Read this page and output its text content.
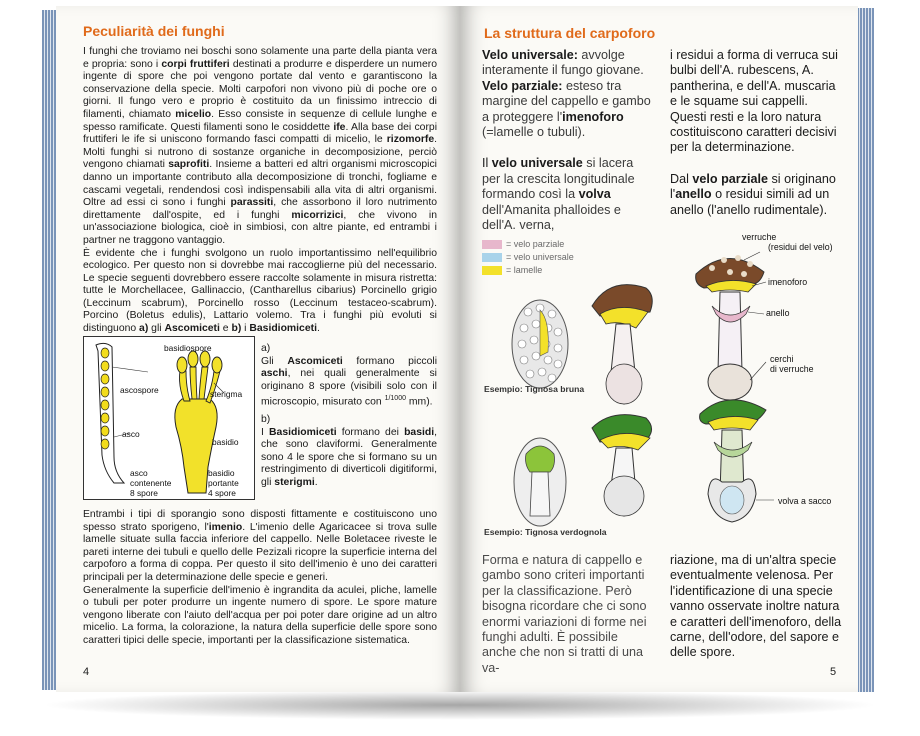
Peculiarità dei funghi

I funghi che troviamo nei boschi sono solamente una parte della pianta vera e propria: sono i corpi fruttiferi destinati a produrre e disperdere un numero ingente di spore che poi vengono portate dal vento e garantiscono la conservazione della specie. Molti carpofori non vivono più di poche ore o giorni. Il fungo vero e proprio è costituito da un finissimo intreccio di filamenti, chiamato micelio. Esso consiste in sequenze di cellule lunghe e spesso ramificate. Questi filamenti sono le cosiddette ife. Alla base dei corpi fruttiferi le ife si uniscono formando fasci compatti di micelio, le rizomorfe. Molti funghi si nutrono di sostanze organiche in decomposizione, perciò vengono chiamati saprofiti. Insieme a batteri ed altri organismi microscopici danno un importante contributo alla decomposizione di tronchi, fogliame e cascami vegetali, rendendosi così indispensabili alla vita di altri organismi. Oltre ad essi ci sono i funghi parassiti, che assorbono il loro nutrimento direttamente dall'ospite, ed i funghi micorrizici, che vivono in un'associazione biologica, cioè in simbiosi, con altre piante, ed entrambi i partner ne traggono vantaggio.
È evidente che i funghi svolgono un ruolo importantissimo nell'equilibrio ecologico. Per questo non si dovrebbe mai raccoglierne più del necessario. Le specie seguenti dovrebbero essere raccolte solamente in misura ristretta: tutte le Morchellacee, Gallinaccio, (Cantharellus cibarius) Porcinello grigio (Leccinum scabrum), Porcinello rosso (Leccinum testaceo-scabrum). Porcino (Boletus edulis), Lattario volemo. Tra i funghi più evoluti si distinguono a) gli Ascomiceti e b) i Basidiomiceti.

basidiospore
ascospore	sterigma
asco
basidio
asco
contenente
8 spore
basidio
portante
4 spore

a)
Gli Ascomiceti formano piccoli aschi, nei quali generalmente si originano 8 spore (visibili solo con il microscopio, misurato con $^{1/1000}$ mm).

b)
I Basidiomiceti formano dei basidi, che sono claviformi. Generalmente sono 4 le spore che si formano su un restringimento di diverticoli digitiformi, gli sterigmi.

Entrambi i tipi di sporangio sono disposti fittamente e costituiscono uno spesso strato sporigeno, l'imenio. L'imenio delle Agaricacee si trova sulle lamelle situate sulla faccia inferiore del cappello. Nelle Boletacee riveste le pareti interne dei tubuli e quello delle Pezizali ricopre la superficie interna del carpoforo a forma di coppa. Per questo il sito dell'imenio è uno dei caratteri principali per la determinazione delle specie e generi.
Generalmente la superficie dell'imenio è ingrandita da aculei, pliche, lamelle o tubuli per poter produrre un ingente numero di spore. Le spore mature vengono liberate con l'aiuto dell'acqua per poi poter dare origine ad un altro micelio. La forma, la colorazione, la natura della superficie delle spore sono caratteri tipici delle specie, importanti per la classificazione sistematica.

4
La struttura del carpoforo
Velo universale: avvolge interamente il fungo giovane.
Velo parziale: esteso tra margine del cappello e gambo a proteggere l'imenoforo (=lamelle o tubuli).
Il velo universale si lacera per la crescita longitudinale formando così la volva dell'Amanita phalloides e dell'A. verna,
i residui a forma di verruca sui bulbi dell'A. rubescens, A. pantherina, e dell'A. muscaria e le squame sui cappelli. Questi resti e la loro natura costituiscono caratteri decisivi per la determinazione.
Dal velo parziale si originano l'anello o residui simili ad un anello (l'anello rudimentale).
= velo parziale
= velo universale
= lamelle
verruche
(residui del velo)
imenoforo
anello
cerchi
di verruche
volva a sacco
Esempio: Tignosa bruna
Esempio: Tignosa verdognola
Forma e natura di cappello e gambo sono criteri importanti per la classificazione. Però bisogna ricordare che ci sono enormi variazioni di forme nei funghi adulti. È possibile anche che non si tratti di una va-
riazione, ma di un'altra specie eventualmente velenosa. Per l'identificazione di una specie vanno osservate inoltre natura e caratteri dell'imenoforo, della carne, dell'odore, del sapore e delle spore.
5
